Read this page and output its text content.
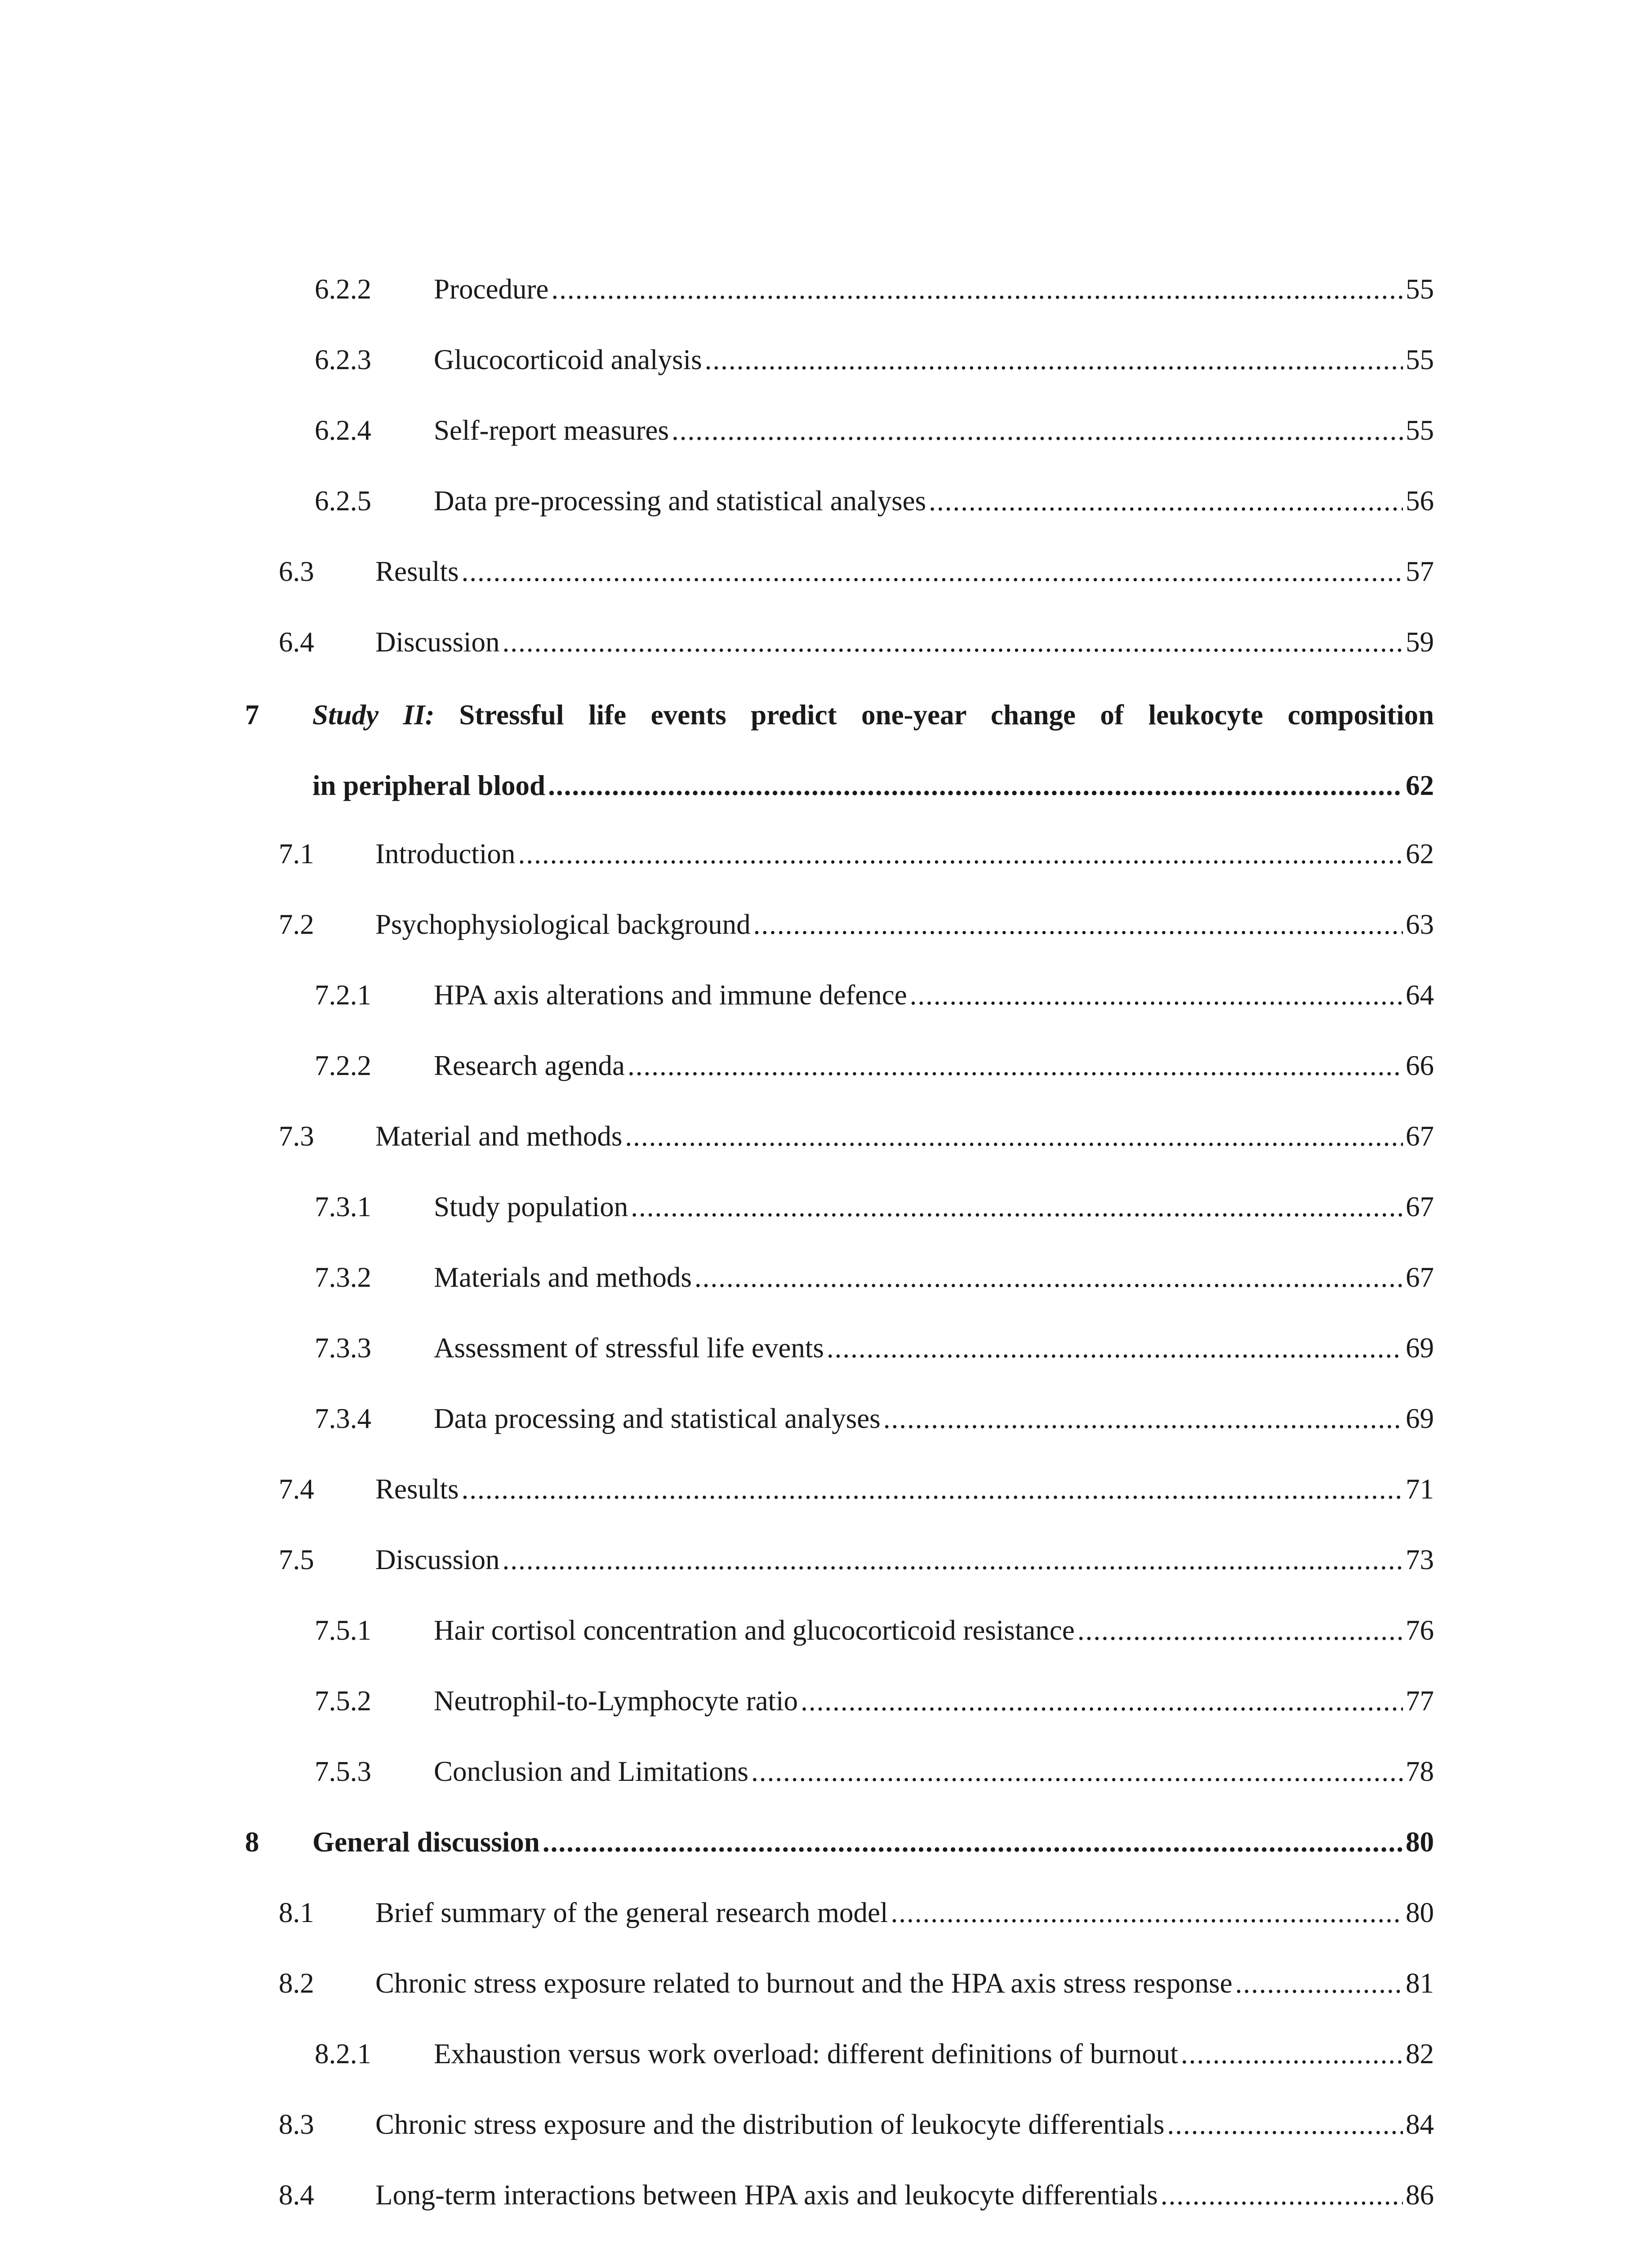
6.2.2 Procedure .....	55
6.2.3 Glucocorticoid analysis .....	55
6.2.4 Self-report measures .....	55
6.2.5 Data pre-processing and statistical analyses .....	56
6.3 Results .....	57
6.4 Discussion .....	59
7 Study II: Stressful life events predict one-year change of leukocyte composition
in peripheral blood .....	62
7.1 Introduction .....	62
7.2 Psychophysiological background .....	63
7.2.1 HPA axis alterations and immune defence .....	64
7.2.2 Research agenda .....	66
7.3 Material and methods .....	67
7.3.1 Study population .....	67
7.3.2 Materials and methods .....	67
7.3.3 Assessment of stressful life events .....	69
7.3.4 Data processing and statistical analyses .....	69
7.4 Results .....	71
7.5 Discussion .....	73
7.5.1 Hair cortisol concentration and glucocorticoid resistance .....	76
7.5.2 Neutrophil-to-Lymphocyte ratio .....	77
7.5.3 Conclusion and Limitations .....	78
8 General discussion .....	80
8.1 Brief summary of the general research model .....	80
8.2 Chronic stress exposure related to burnout and the HPA axis stress response .....	81
8.2.1 Exhaustion versus work overload: different definitions of burnout .....	82
8.3 Chronic stress exposure and the distribution of leukocyte differentials .....	84
8.4 Long-term interactions between HPA axis and leukocyte differentials .....	86
